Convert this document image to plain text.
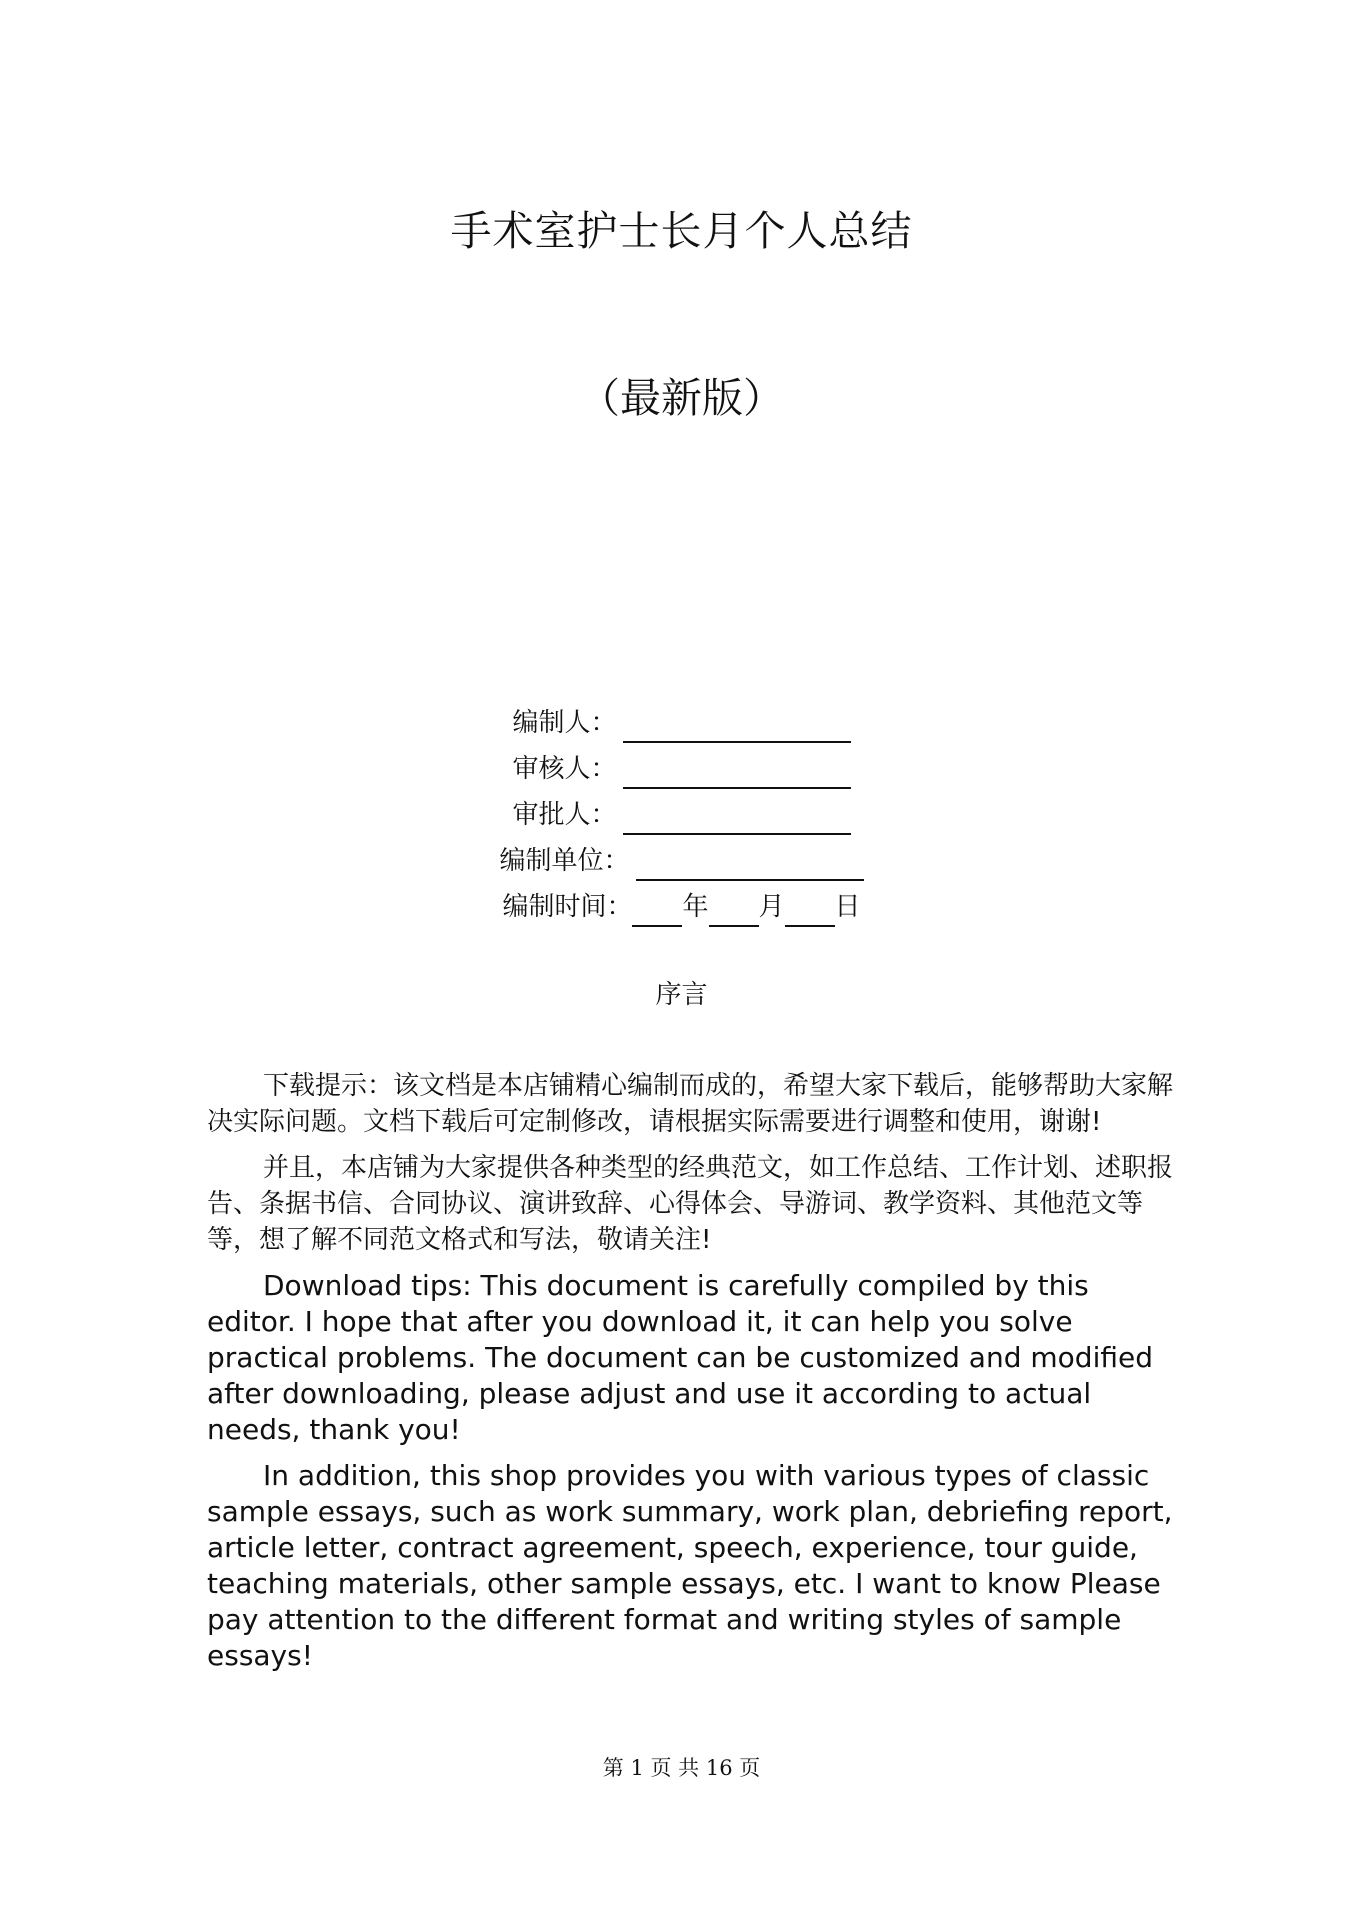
手术室护士长月个人总结
（最新版）
编制人：
审核人：
审批人：
编制单位：
编制时间：	年 月 日
序言

下载提示：该文档是本店铺精心编制而成的，希望大家下载后，能够帮助大家解决实际问题。文档下载后可定制修改，请根据实际需要进行调整和使用，谢谢!

并且，本店铺为大家提供各种类型的经典范文，如工作总结、工作计划、述职报告、条据书信、合同协议、演讲致辞、心得体会、导游词、教学资料、其他范文等等，想了解不同范文格式和写法，敬请关注!

Download tips: This document is carefully compiled by this editor. I hope that after you download it, it can help you solve practical problems. The document can be customized and modified after downloading, please adjust and use it according to actual needs, thank you!

In addition, this shop provides you with various types of classic sample essays, such as work summary, work plan, debriefing report, article letter, contract agreement, speech, experience, tour guide, teaching materials, other sample essays, etc. I want to know Please pay attention to the different format and writing styles of sample essays!

第 1 页 共 16 页
